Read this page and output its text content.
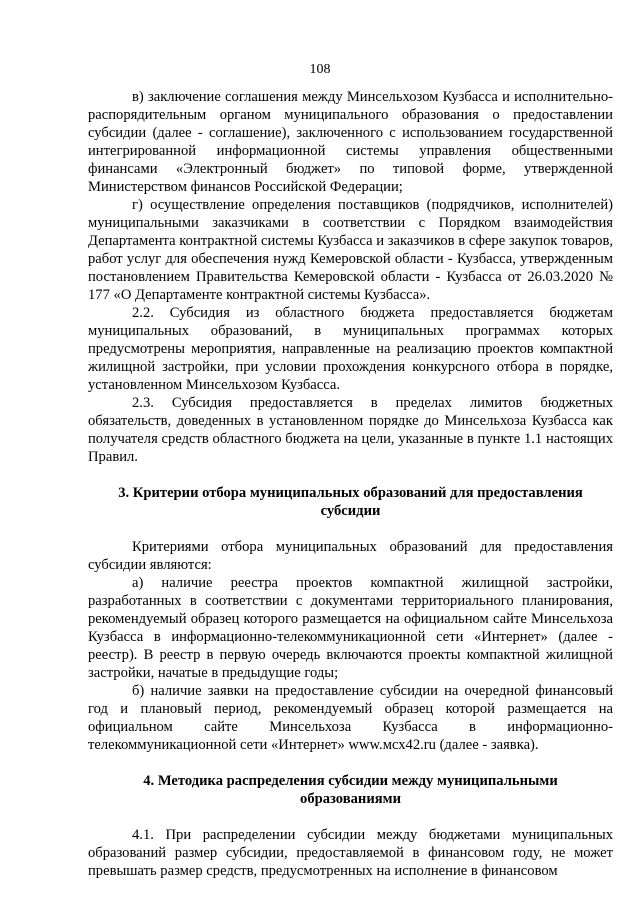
108

в) заключение соглашения между Минсельхозом Кузбасса и исполнительно-распорядительным органом муниципального образования о предоставлении субсидии (далее - соглашение), заключенного с использованием государственной интегрированной информационной системы управления общественными финансами «Электронный бюджет» по типовой форме, утвержденной Министерством финансов Российской Федерации;

г) осуществление определения поставщиков (подрядчиков, исполнителей) муниципальными заказчиками в соответствии с Порядком взаимодействия Департамента контрактной системы Кузбасса и заказчиков в сфере закупок товаров, работ услуг для обеспечения нужд Кемеровской области - Кузбасса, утвержденным постановлением Правительства Кемеровской области - Кузбасса от 26.03.2020 № 177 «О Департаменте контрактной системы Кузбасса».

2.2. Субсидия из областного бюджета предоставляется бюджетам муниципальных образований, в муниципальных программах которых предусмотрены мероприятия, направленные на реализацию проектов компактной жилищной застройки, при условии прохождения конкурсного отбора в порядке, установленном Минсельхозом Кузбасса.

2.3. Субсидия предоставляется в пределах лимитов бюджетных обязательств, доведенных в установленном порядке до Минсельхоза Кузбасса как получателя средств областного бюджета на цели, указанные в пункте 1.1 настоящих Правил.

3. Критерии отбора муниципальных образований для предоставления субсидии

Критериями отбора муниципальных образований для предоставления субсидии являются:

а) наличие реестра проектов компактной жилищной застройки, разработанных в соответствии с документами территориального планирования, рекомендуемый образец которого размещается на официальном сайте Минсельхоза Кузбасса в информационно-телекоммуникационной сети «Интернет» (далее - реестр). В реестр в первую очередь включаются проекты компактной жилищной застройки, начатые в предыдущие годы;

б) наличие заявки на предоставление субсидии на очередной финансовый год и плановый период, рекомендуемый образец которой размещается на официальном сайте Минсельхоза Кузбасса в информационно-телекоммуникационной сети «Интернет» www.мсх42.ru (далее - заявка).

4. Методика распределения субсидии между муниципальными образованиями

4.1. При распределении субсидии между бюджетами муниципальных образований размер субсидии, предоставляемой в финансовом году, не может превышать размер средств, предусмотренных на исполнение в финансовом
